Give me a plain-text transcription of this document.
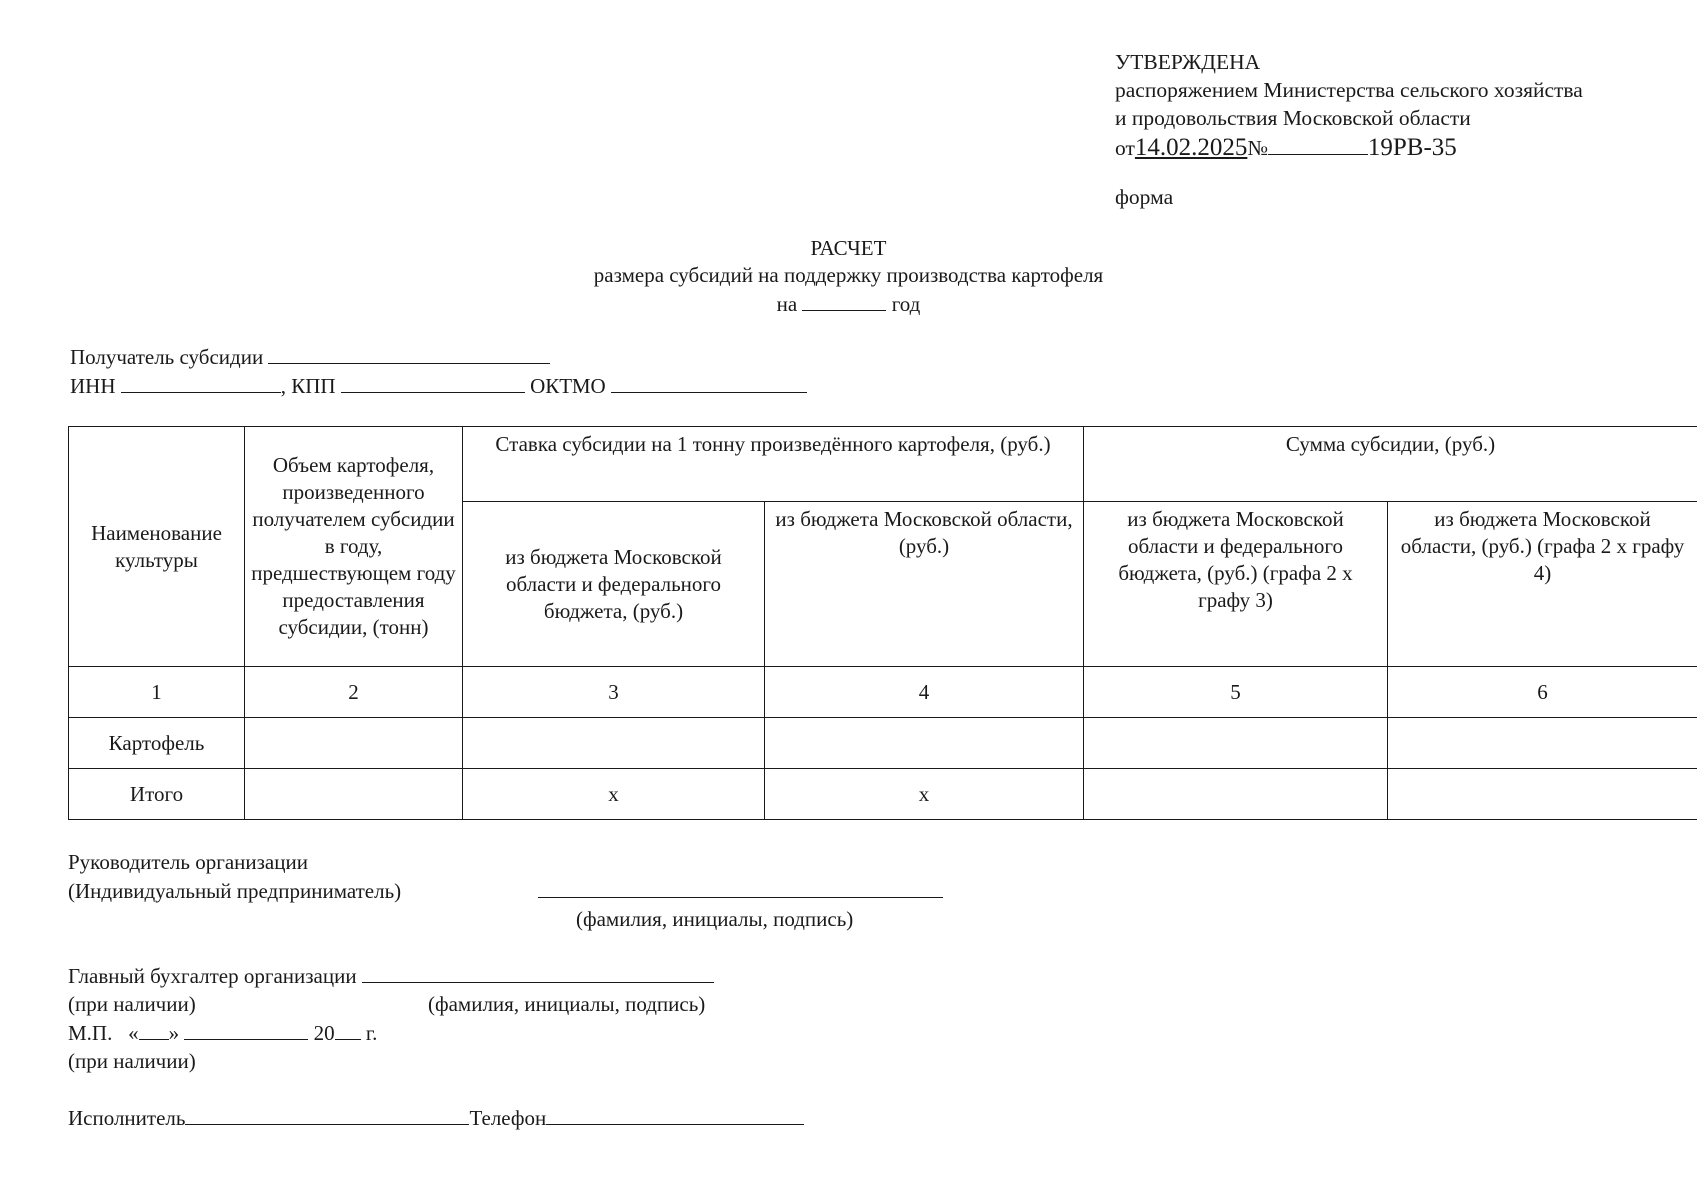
УТВЕРЖДЕНА
распоряжением Министерства сельского хозяйства
и продовольствия Московской области
от14.02.2025№	19РВ-35
форма
РАСЧЕТ
размера субсидий на поддержку производства картофеля
на	год
Получатель субсидии
ИНН	, КПП	ОКТМО
Наименование культуры	Объем картофеля, произведенного получателем субсидии в году, предшествующем году предоставления субсидии, (тонн)	Ставка субсидии на 1 тонну произведённого картофеля, (руб.)		Сумма субсидии, (руб.)	
		из бюджета Московской области и федерального бюджета, (руб.)	из бюджета Московской области, (руб.)	из бюджета Московской области и федерального бюджета, (руб.) (графа 2 x графу 3)	из бюджета Московской области, (руб.) (графа 2 x графу 4)
1	2	3	4	5	6
Картофель					
Итого		x	x		
Руководитель организации
(Индивидуальный предприниматель)
(фамилия, инициалы, подпись)
Главный бухгалтер организации
(при наличии)	(фамилия, инициалы, подпись)
М.П. « »	20 г.
(при наличии)
Исполнитель	Телефон
